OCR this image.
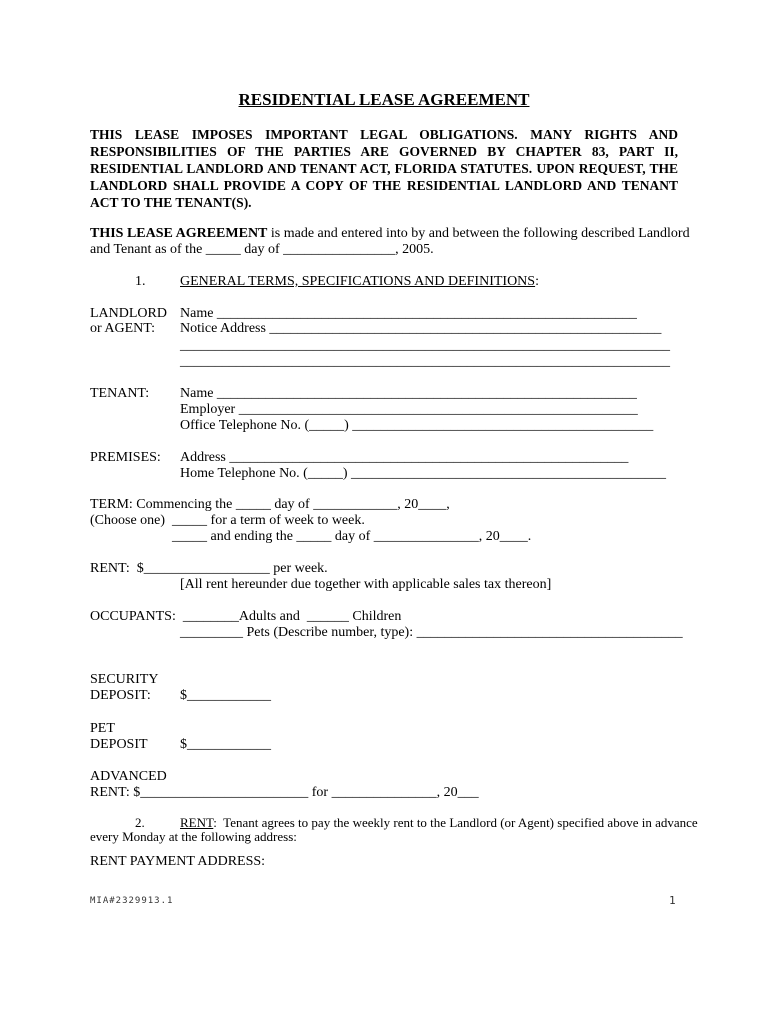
RESIDENTIAL LEASE AGREEMENT
THIS LEASE IMPOSES IMPORTANT LEGAL OBLIGATIONS. MANY RIGHTS AND RESPONSIBILITIES OF THE PARTIES ARE GOVERNED BY CHAPTER 83, PART II, RESIDENTIAL LANDLORD AND TENANT ACT, FLORIDA STATUTES. UPON REQUEST, THE LANDLORD SHALL PROVIDE A COPY OF THE RESIDENTIAL LANDLORD AND TENANT ACT TO THE TENANT(S).
THIS LEASE AGREEMENT is made and entered into by and between the following described Landlord
and Tenant as of the _____ day of ________________, 2005.
1. GENERAL TERMS, SPECIFICATIONS AND DEFINITIONS:
LANDLORD
or AGENT:
Name ____________________________________________________________
Notice Address ________________________________________________________
______________________________________________________________________
______________________________________________________________________
TENANT: Name ____________________________________________________________
Employer _________________________________________________________
Office Telephone No. (_____) ___________________________________________
PREMISES: Address _________________________________________________________
Home Telephone No. (_____) _____________________________________________
TERM: Commencing the _____ day of ____________, 20____,
(Choose one)  _____ for a term of week to week.
_____ and ending the _____ day of _______________, 20____.
RENT:  $__________________ per week.
[All rent hereunder due together with applicable sales tax thereon]
OCCUPANTS:  ________Adults and  ______ Children
_________ Pets (Describe number, type): ______________________________________
SECURITY
DEPOSIT: $____________
PET
DEPOSIT $____________
ADVANCED
RENT: $________________________ for _______________, 20___
2.	RENT:  Tenant agrees to pay the weekly rent to the Landlord (or Agent) specified above in advance
every Monday at the following address:
RENT PAYMENT ADDRESS:
MIA#2329913.1	1
